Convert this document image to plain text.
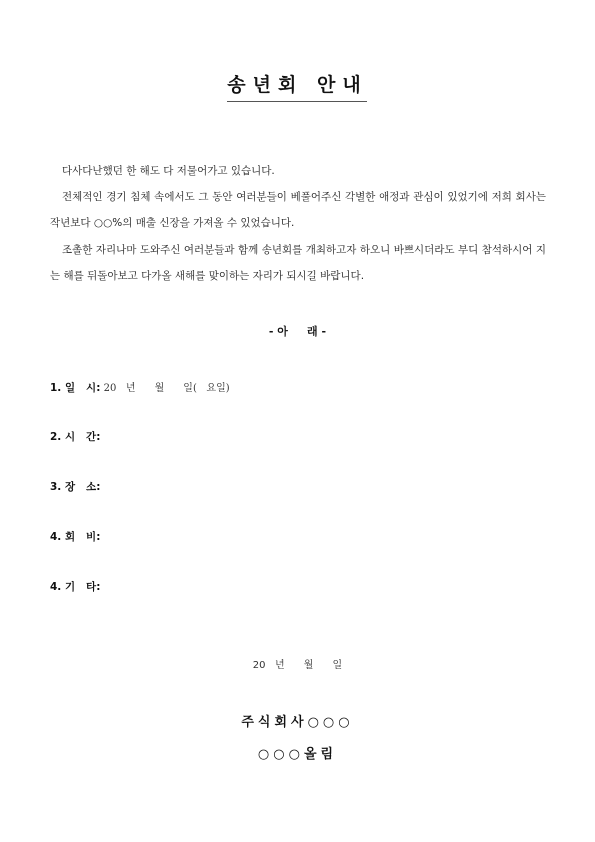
송년회 안내
다사다난했던 한 해도 다 저물어가고 있습니다.
전체적인 경기 침체 속에서도 그 동안 여러분들이 베풀어주신 각별한 애정과 관심이 있었기에 저희 회사는 작년보다 ○○%의 매출 신장을 가져올 수 있었습니다.
조촐한 자리나마 도와주신 여러분들과 함께 송년회를 개최하고자 하오니 바쁘시더라도 부디 참석하시어 지는 해를 뒤돌아보고 다가올 새해를 맞이하는 자리가 되시길 바랍니다.
- 아     래 -
1. 일   시: 20   년      월      일(   요일)
2. 시   간:
3. 장   소:
4. 회   비:
4. 기   타:
20   년      월      일
주식회사○○○
○○○올림
